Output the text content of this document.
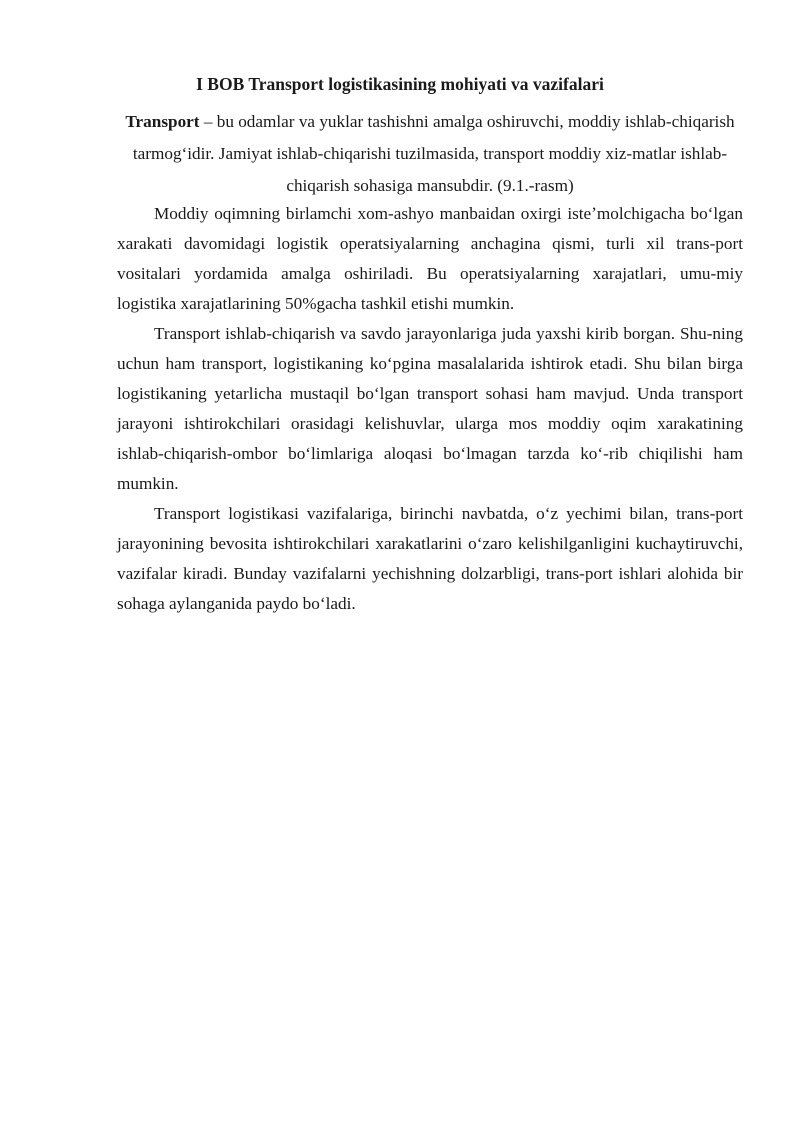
I BOB Transport logistikasining mohiyati va vazifalari
Transport – bu odamlar va yuklar tashishni amalga oshiruvchi, moddiy ishlab-chiqarish tarmogʻidir. Jamiyat ishlab-chiqarishi tuzilmasida, transport moddiy xiz-matlar ishlab-chiqarish sohasiga mansubdir. (9.1.-rasm)

Moddiy oqimning birlamchi xom-ashyo manbaidan oxirgi isteʼmolchigacha boʻlgan xarakati davomidagi logistik operatsiyalarning anchagina qismi, turli xil trans-port vositalari yordamida amalga oshiriladi. Bu operatsiyalarning xarajatlari, umu-miy logistika xarajatlarining 50%gacha tashkil etishi mumkin.

Transport ishlab-chiqarish va savdo jarayonlariga juda yaxshi kirib borgan. Shu-ning uchun ham transport, logistikaning koʻpgina masalalarida ishtirok etadi. Shu bilan birga logistikaning yetarlicha mustaqil boʻlgan transport sohasi ham mavjud. Unda transport jarayoni ishtirokchilari orasidagi kelishuvlar, ularga mos moddiy oqim xarakatining ishlab-chiqarish-ombor boʻlimlariga aloqasi boʻlmagan tarzda koʻ-rib chiqilishi ham mumkin.

Transport logistikasi vazifalariga, birinchi navbatda, oʻz yechimi bilan, trans-port jarayonining bevosita ishtirokchilari xarakatlarini oʻzaro kelishilganligini kuchaytiruvchi, vazifalar kiradi. Bunday vazifalarni yechishning dolzarbligi, trans-port ishlari alohida bir sohaga aylanganida paydo boʻladi.
